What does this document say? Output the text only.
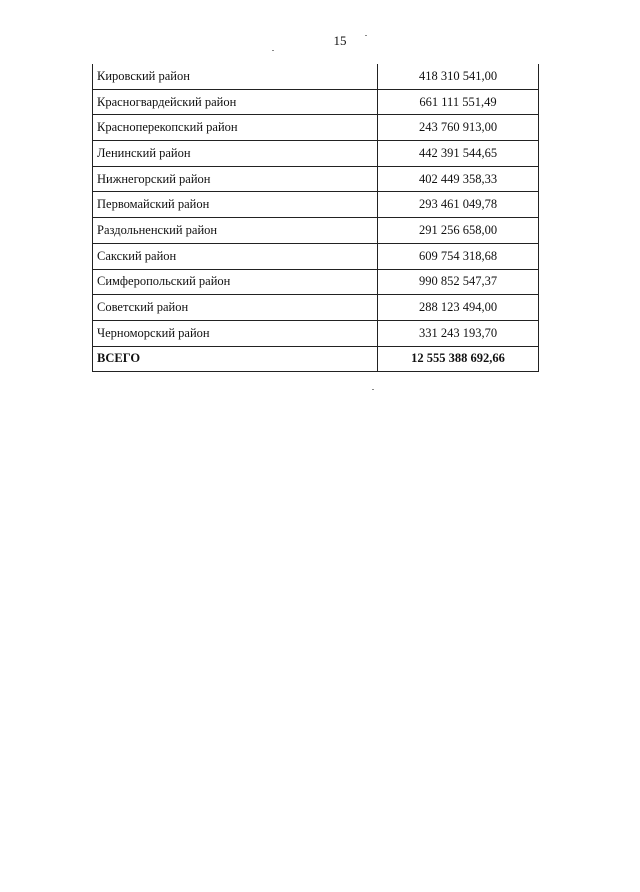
15
Кировский район	418 310 541,00
Красногвардейский район	661 111 551,49
Красноперекопский район	243 760 913,00
Ленинский район	442 391 544,65
Нижнегорский район	402 449 358,33
Первомайский район	293 461 049,78
Раздольненский район	291 256 658,00
Сакский район	609 754 318,68
Симферопольский район	990 852 547,37
Советский район	288 123 494,00
Черноморский район	331 243 193,70
ВСЕГО	12 555 388 692,66
